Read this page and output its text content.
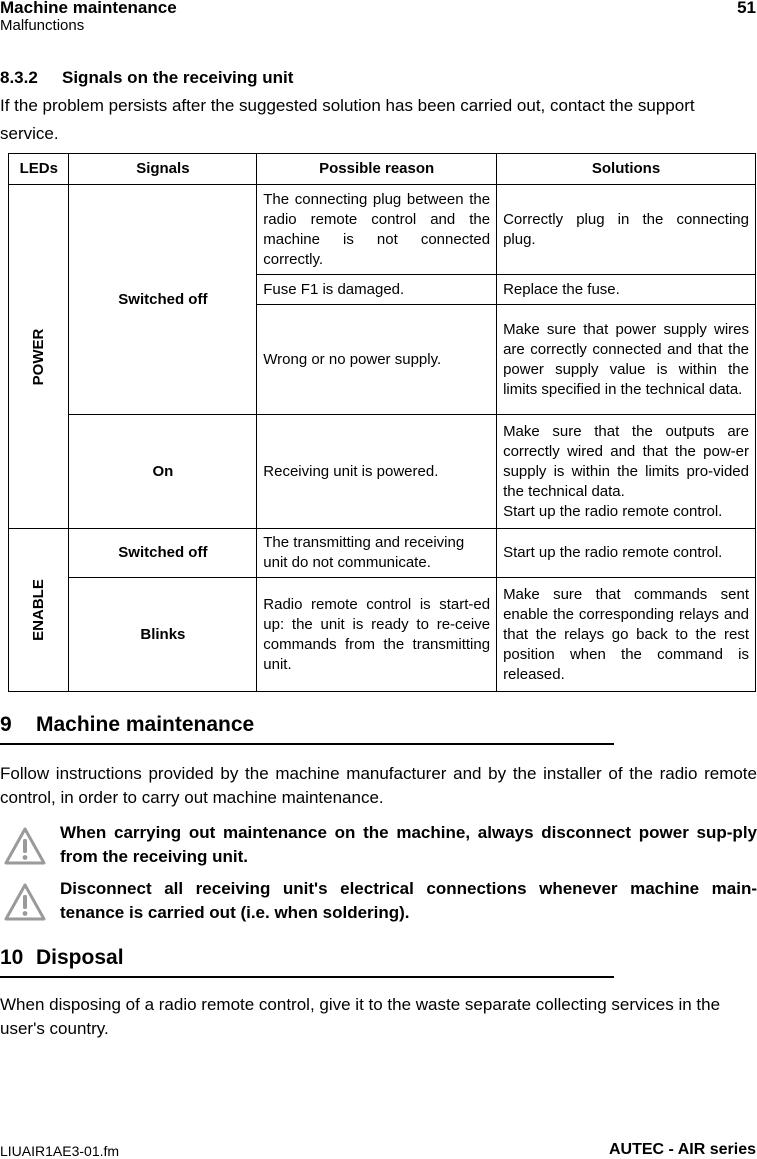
Machine maintenance
Malfunctions
51
8.3.2 Signals on the receiving unit
If the problem persists after the suggested solution has been carried out, contact the support service.
LEDs	Signals	Possible reason	Solutions

POWER	Switched off	The connecting plug between the radio remote control and the machine is not connected correctly.	Correctly plug in the connecting plug.
		Fuse F1 is damaged.	Replace the fuse.
		Wrong or no power supply.	Make sure that power supply wires are correctly connected and that the power supply value is within the limits specified in the technical data.
	On	Receiving unit is powered.	Make sure that the outputs are correctly wired and that the pow-er supply is within the limits pro-vided the technical data.
Start up the radio remote control.

ENABLE	Switched off	The transmitting and receiving unit do not communicate.	Start up the radio remote control.
	Blinks	Radio remote control is start-ed up: the unit is ready to re-ceive commands from the transmitting unit.	Make sure that commands sent enable the corresponding relays and that the relays go back to the rest position when the command is released.
9 Machine maintenance
Follow instructions provided by the machine manufacturer and by the installer of the radio remote control, in order to carry out machine maintenance.
When carrying out maintenance on the machine, always disconnect power sup-ply from the receiving unit.
Disconnect all receiving unit's electrical connections whenever machine main-tenance is carried out (i.e. when soldering).
10 Disposal
When disposing of a radio remote control, give it to the waste separate collecting services in the user's country.
LIUAIR1AE3-01.fm	AUTEC - AIR series
